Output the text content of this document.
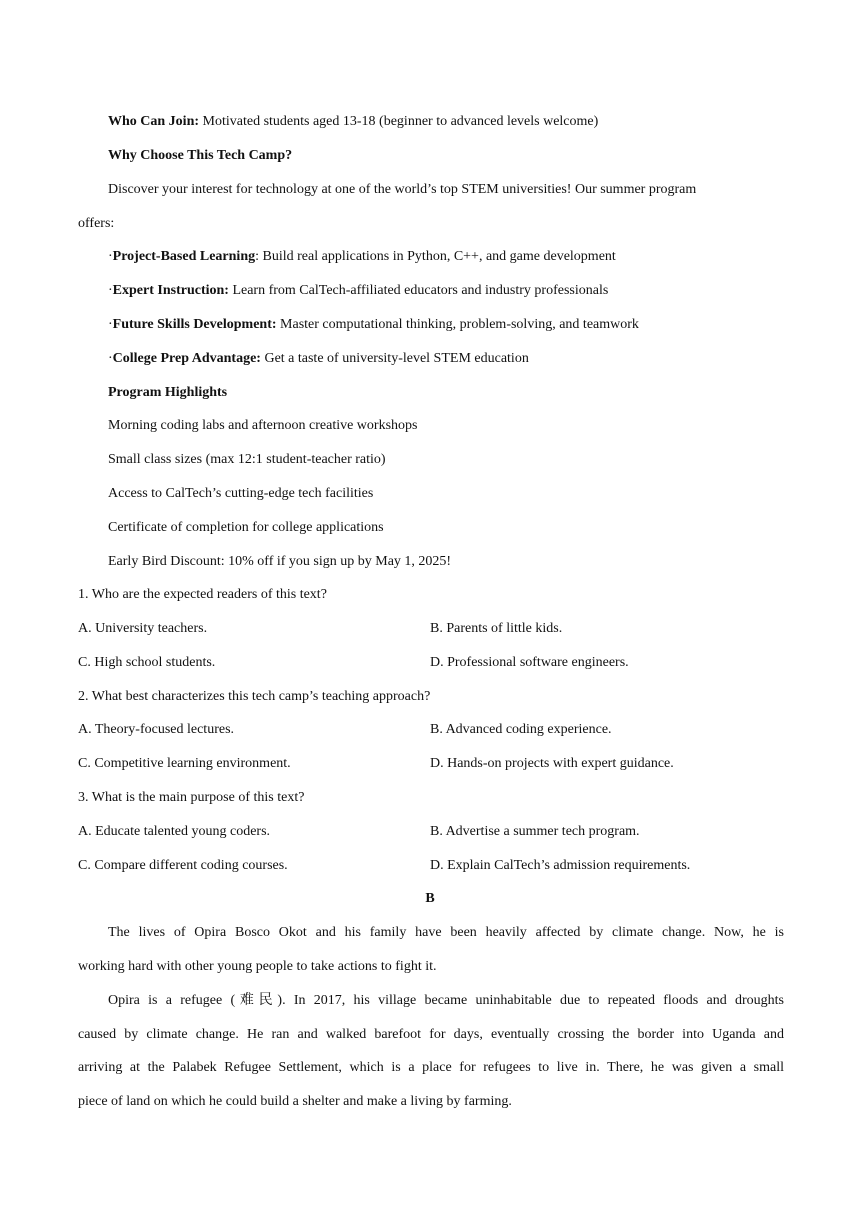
Who Can Join: Motivated students aged 13-18 (beginner to advanced levels welcome)
Why Choose This Tech Camp?
Discover your interest for technology at one of the world’s top STEM universities! Our summer program
offers:
·Project-Based Learning: Build real applications in Python, C++, and game development
·Expert Instruction: Learn from CalTech-affiliated educators and industry professionals
·Future Skills Development: Master computational thinking, problem-solving, and teamwork
·College Prep Advantage: Get a taste of university-level STEM education
Program Highlights
Morning coding labs and afternoon creative workshops
Small class sizes (max 12:1 student-teacher ratio)
Access to CalTech’s cutting-edge tech facilities
Certificate of completion for college applications
Early Bird Discount: 10% off if you sign up by May 1, 2025!
1. Who are the expected readers of this text?
A. University teachers.	B. Parents of little kids.
C. High school students.	D. Professional software engineers.
2. What best characterizes this tech camp’s teaching approach?
A. Theory-focused lectures.	B. Advanced coding experience.
C. Competitive learning environment.	D. Hands-on projects with expert guidance.
3. What is the main purpose of this text?
A. Educate talented young coders.	B. Advertise a summer tech program.
C. Compare different coding courses.	D. Explain CalTech’s admission requirements.
B
The lives of Opira Bosco Okot and his family have been heavily affected by climate change. Now, he is
working hard with other young people to take actions to fight it.
Opira is a refugee (难民). In 2017, his village became uninhabitable due to repeated floods and droughts
caused by climate change. He ran and walked barefoot for days, eventually crossing the border into Uganda and
arriving at the Palabek Refugee Settlement, which is a place for refugees to live in. There, he was given a small
piece of land on which he could build a shelter and make a living by farming.
